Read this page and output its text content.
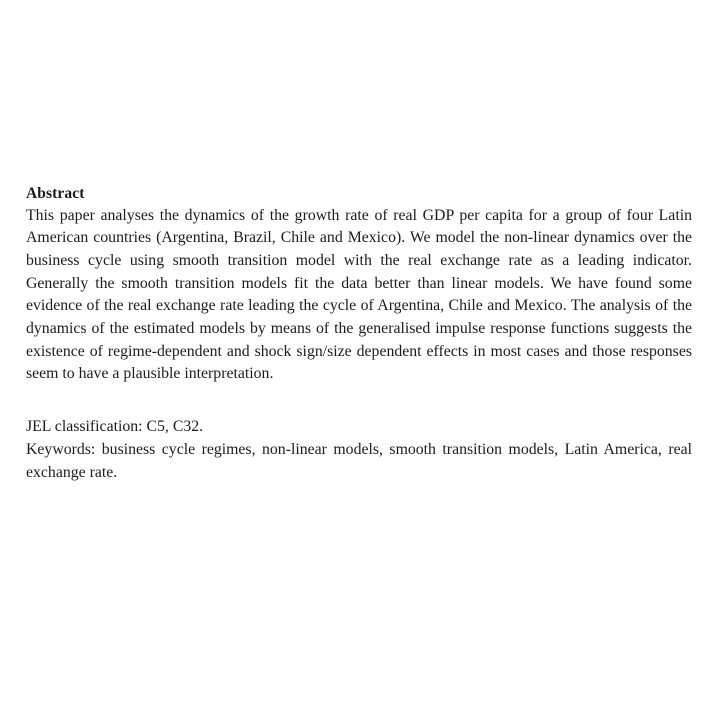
Abstract

This paper analyses the dynamics of the growth rate of real GDP per capita for a group of four Latin American countries (Argentina, Brazil, Chile and Mexico). We model the non-linear dynamics over the business cycle using smooth transition model with the real exchange rate as a leading indicator. Generally the smooth transition models fit the data better than linear models. We have found some evidence of the real exchange rate leading the cycle of Argentina, Chile and Mexico. The analysis of the dynamics of the estimated models by means of the generalised impulse response functions suggests the existence of regime-dependent and shock sign/size dependent effects in most cases and those responses seem to have a plausible interpretation.

JEL classification: C5, C32.

Keywords: business cycle regimes, non-linear models, smooth transition models, Latin America, real exchange rate.
